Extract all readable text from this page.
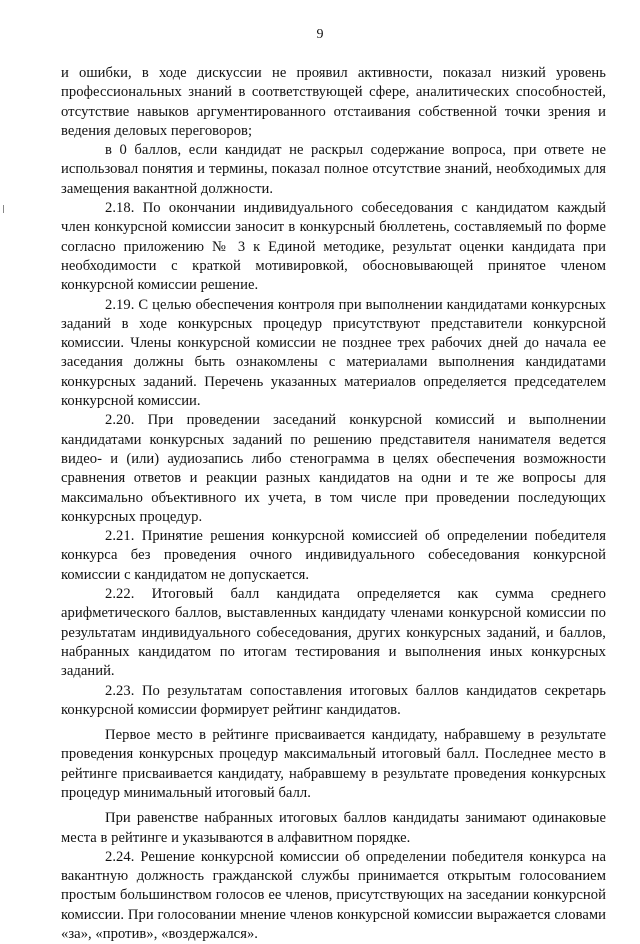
9

и ошибки, в ходе дискуссии не проявил активности, показал низкий уровень профессиональных знаний в соответствующей сфере, аналитических способностей, отсутствие навыков аргументированного отстаивания собственной точки зрения и ведения деловых переговоров;

в 0 баллов, если кандидат не раскрыл содержание вопроса, при ответе не использовал понятия и термины, показал полное отсутствие знаний, необходимых для замещения вакантной должности.

2.18. По окончании индивидуального собеседования с кандидатом каждый член конкурсной комиссии заносит в конкурсный бюллетень, составляемый по форме согласно приложению № 3 к Единой методике, результат оценки кандидата при необходимости с краткой мотивировкой, обосновывающей принятое членом конкурсной комиссии решение.

2.19. С целью обеспечения контроля при выполнении кандидатами конкурсных заданий в ходе конкурсных процедур присутствуют представители конкурсной комиссии. Члены конкурсной комиссии не позднее трех рабочих дней до начала ее заседания должны быть ознакомлены с материалами выполнения кандидатами конкурсных заданий. Перечень указанных материалов определяется председателем конкурсной комиссии.

2.20. При проведении заседаний конкурсной комиссий и выполнении кандидатами конкурсных заданий по решению представителя нанимателя ведется видео- и (или) аудиозапись либо стенограмма в целях обеспечения возможности сравнения ответов и реакции разных кандидатов на одни и те же вопросы для максимально объективного их учета, в том числе при проведении последующих конкурсных процедур.

2.21. Принятие решения конкурсной комиссией об определении победителя конкурса без проведения очного индивидуального собеседования конкурсной комиссии с кандидатом не допускается.

2.22. Итоговый балл кандидата определяется как сумма среднего арифметического баллов, выставленных кандидату членами конкурсной комиссии по результатам индивидуального собеседования, других конкурсных заданий, и баллов, набранных кандидатом по итогам тестирования и выполнения иных конкурсных заданий.

2.23. По результатам сопоставления итоговых баллов кандидатов секретарь конкурсной комиссии формирует рейтинг кандидатов.

Первое место в рейтинге присваивается кандидату, набравшему в результате проведения конкурсных процедур максимальный итоговый балл. Последнее место в рейтинге присваивается кандидату, набравшему в результате проведения конкурсных процедур минимальный итоговый балл.

При равенстве набранных итоговых баллов кандидаты занимают одинаковые места в рейтинге и указываются в алфавитном порядке.

2.24. Решение конкурсной комиссии об определении победителя конкурса на вакантную должность гражданской службы принимается открытым голосованием простым большинством голосов ее членов, присутствующих на заседании конкурсной комиссии. При голосовании мнение членов конкурсной комиссии выражается словами «за», «против», «воздержался».
